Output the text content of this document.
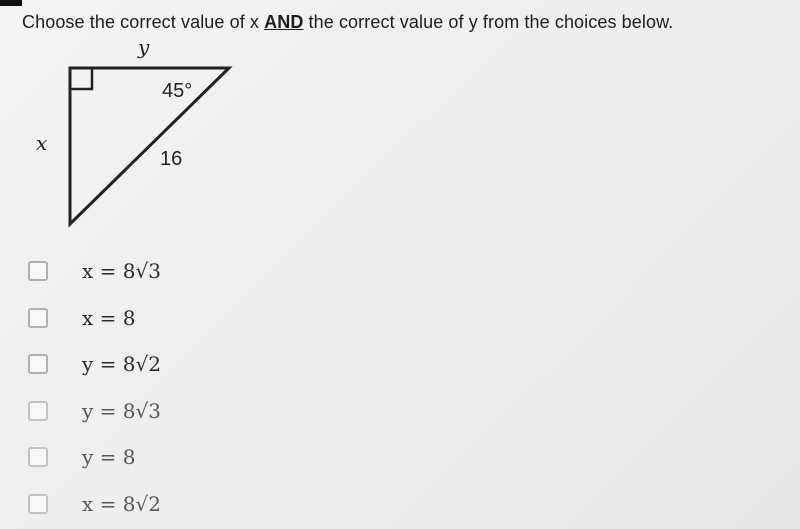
Choose the correct value of x AND the correct value of y from the choices below.
y
x
45°
16
x = 8√3
x = 8
y = 8√2
y = 8√3
y = 8
x = 8√2
